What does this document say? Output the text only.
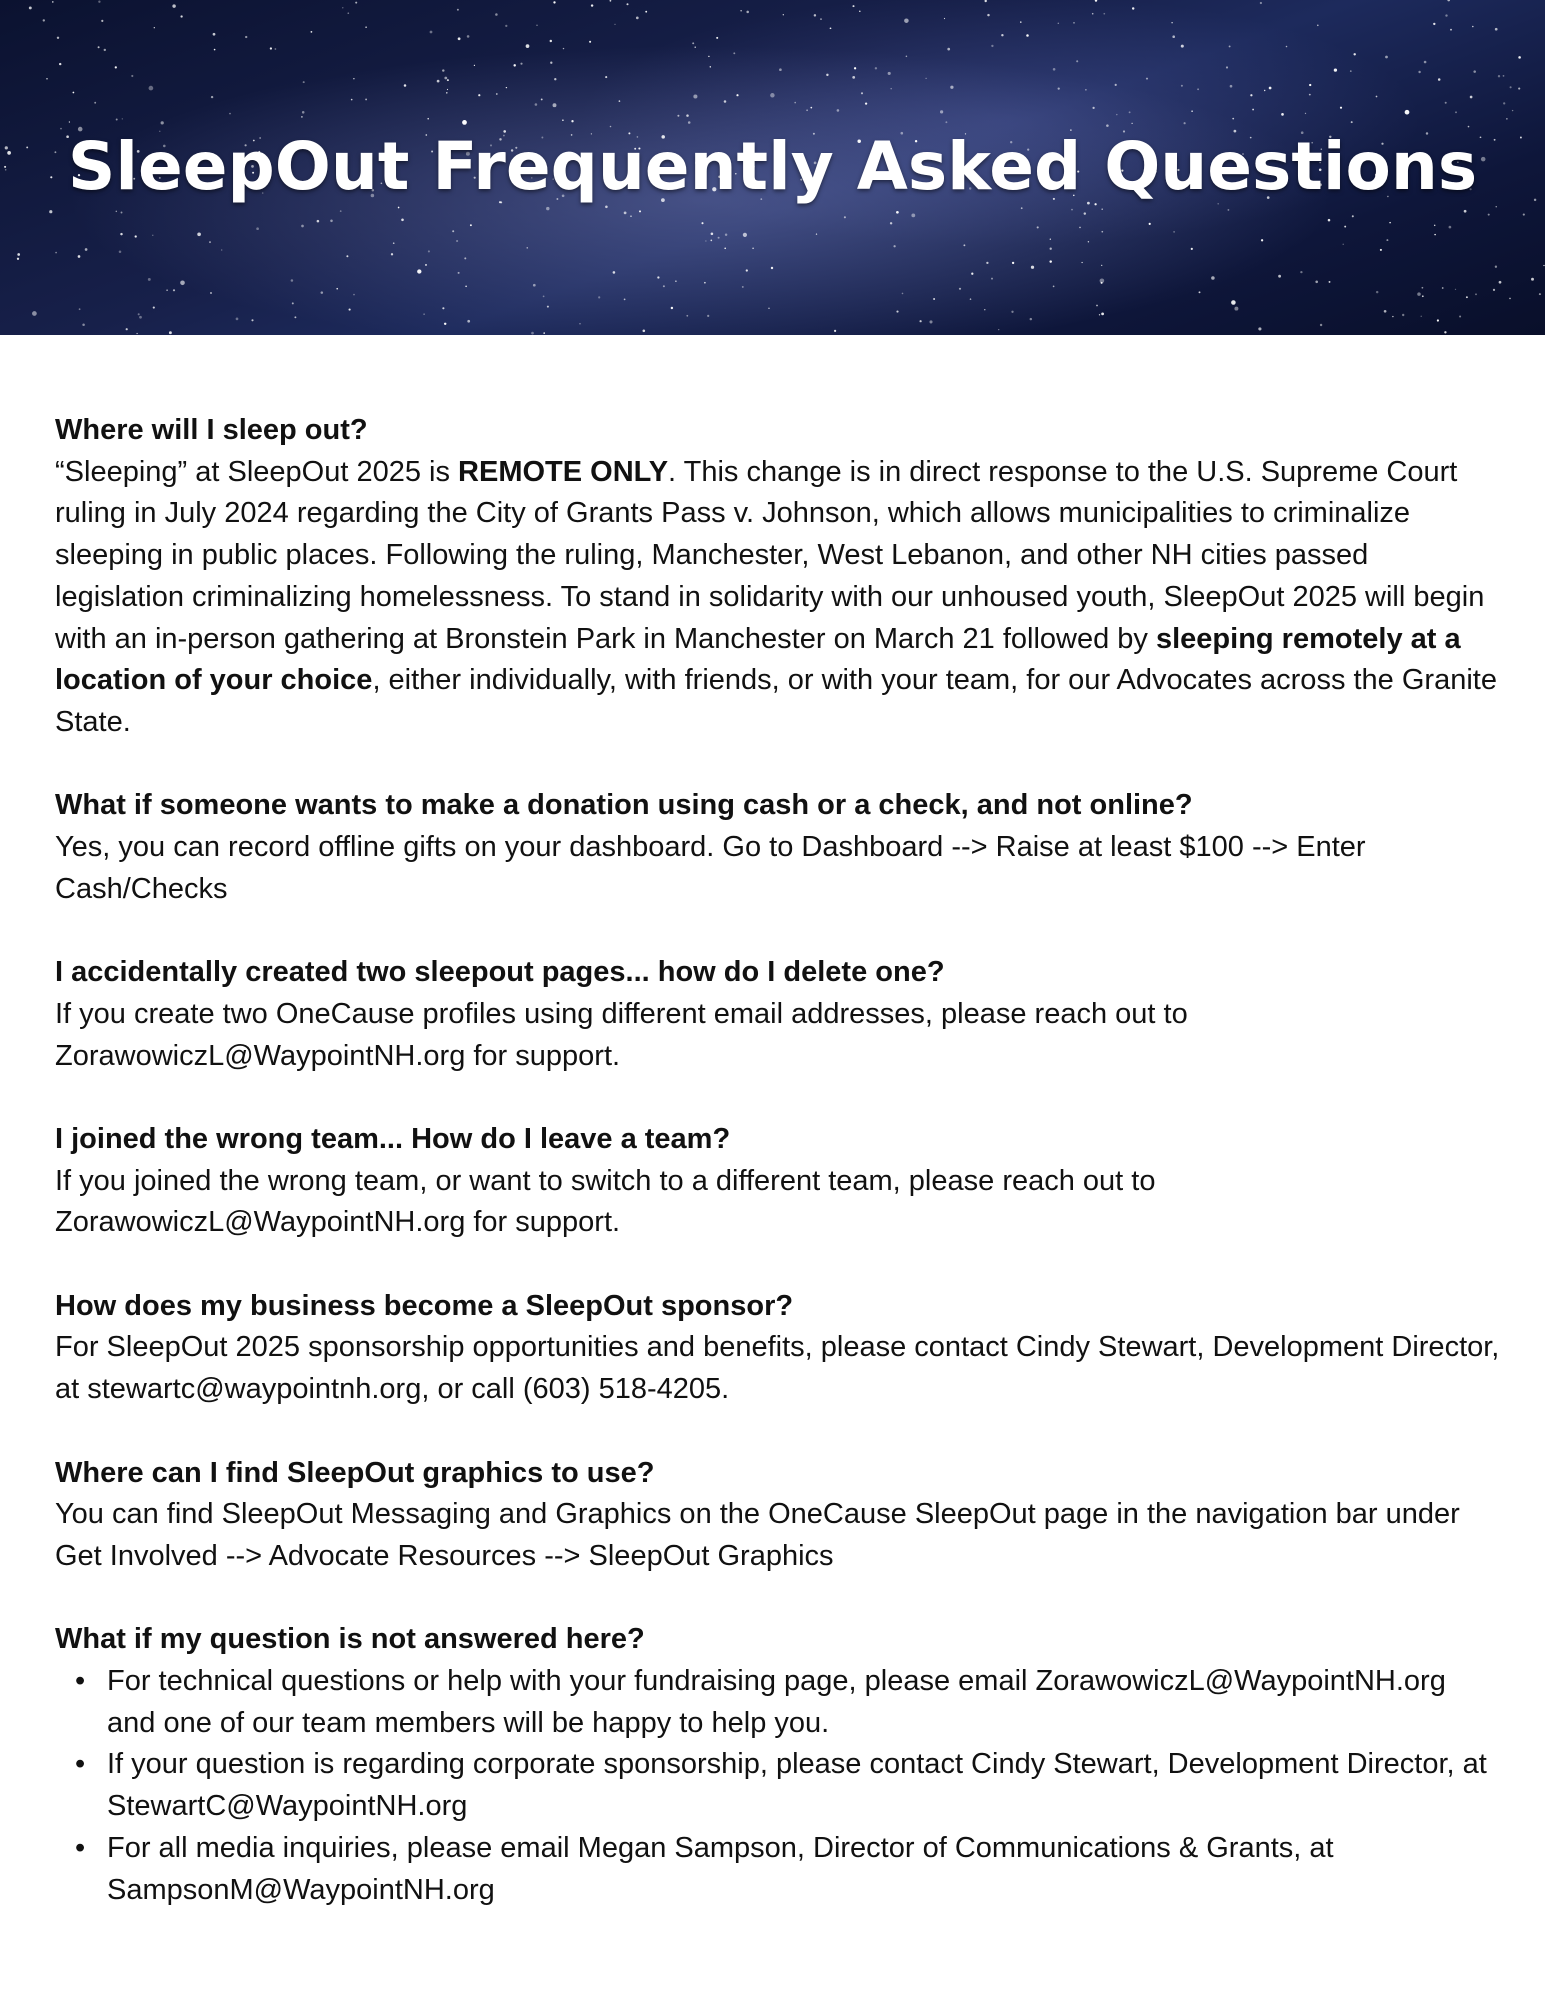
SleepOut Frequently Asked Questions
Where will I sleep out?
“Sleeping” at SleepOut 2025 is REMOTE ONLY. This change is in direct response to the U.S. Supreme Court ruling in July 2024 regarding the City of Grants Pass v. Johnson, which allows municipalities to criminalize sleeping in public places. Following the ruling, Manchester, West Lebanon, and other NH cities passed legislation criminalizing homelessness. To stand in solidarity with our unhoused youth, SleepOut 2025 will begin with an in-person gathering at Bronstein Park in Manchester on March 21 followed by sleeping remotely at a location of your choice, either individually, with friends, or with your team, for our Advocates across the Granite State.
What if someone wants to make a donation using cash or a check, and not online?
Yes, you can record offline gifts on your dashboard. Go to Dashboard --> Raise at least $100 --> Enter Cash/Checks
I accidentally created two sleepout pages... how do I delete one?
If you create two OneCause profiles using different email addresses, please reach out to ZorawowiczL@WaypointNH.org for support.
I joined the wrong team... How do I leave a team?
If you joined the wrong team, or want to switch to a different team, please reach out to ZorawowiczL@WaypointNH.org for support.
How does my business become a SleepOut sponsor?
For SleepOut 2025 sponsorship opportunities and benefits, please contact Cindy Stewart, Development Director, at stewartc@waypointnh.org, or call (603) 518-4205.
Where can I find SleepOut graphics to use?
You can find SleepOut Messaging and Graphics on the OneCause SleepOut page in the navigation bar under Get Involved --> Advocate Resources --> SleepOut Graphics
What if my question is not answered here?
• For technical questions or help with your fundraising page, please email ZorawowiczL@WaypointNH.org and one of our team members will be happy to help you.
• If your question is regarding corporate sponsorship, please contact Cindy Stewart, Development Director, at StewartC@WaypointNH.org
• For all media inquiries, please email Megan Sampson, Director of Communications & Grants, at SampsonM@WaypointNH.org
